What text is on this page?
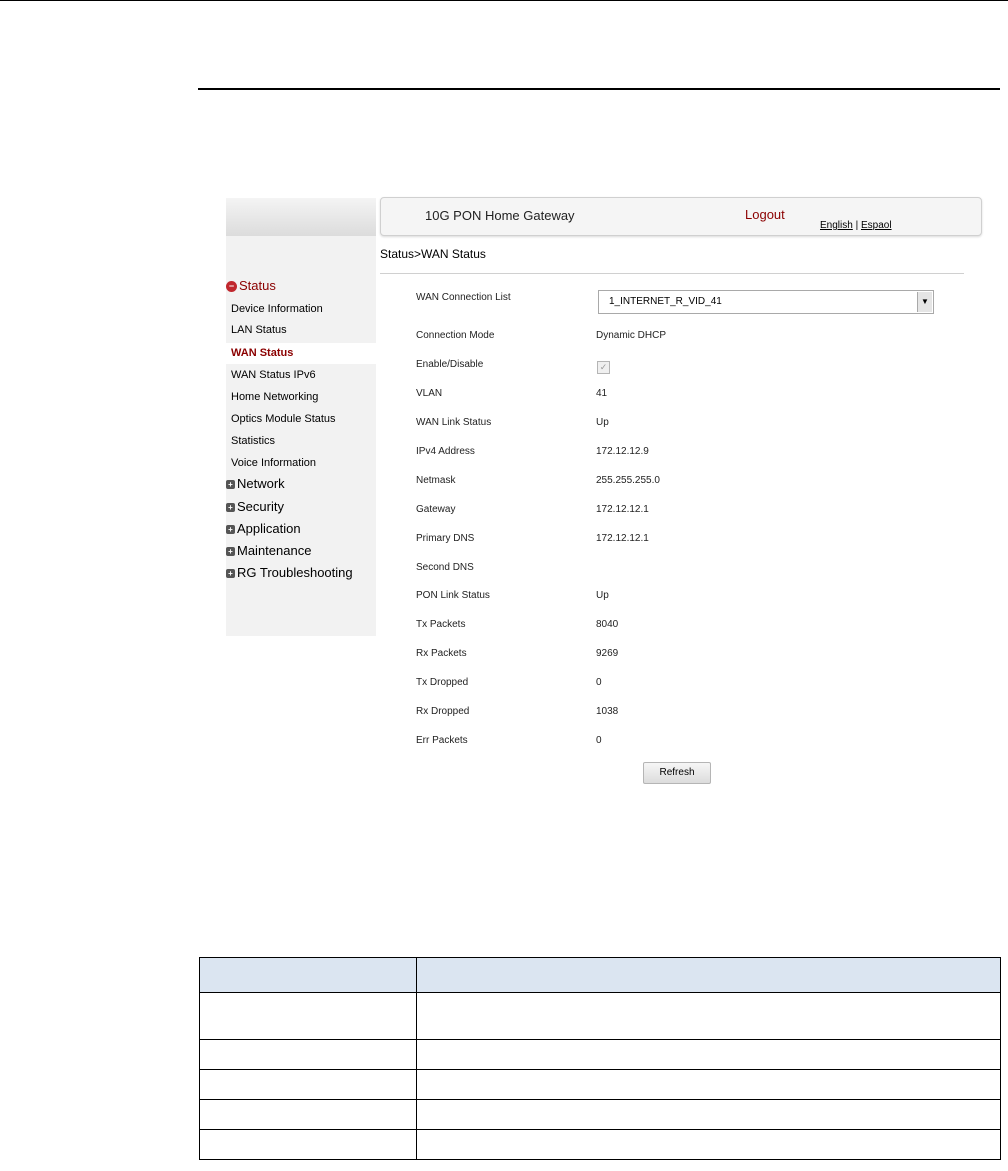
− Status
Device Information
LAN Status
WAN Status
WAN Status IPv6
Home Networking
Optics Module Status
Statistics
Voice Information
+ Network
+ Security
+ Application
+ Maintenance
+ RG Troubleshooting
10G PON Home Gateway	Logout
English | Espaol
Status>WAN Status
WAN Connection List	1_INTERNET_R_VID_41	▼
Connection Mode	Dynamic DHCP
Enable/Disable	✓
VLAN	41
WAN Link Status	Up
IPv4 Address	172.12.12.9
Netmask	255.255.255.0
Gateway	172.12.12.1
Primary DNS	172.12.12.1
Second DNS
PON Link Status	Up
Tx Packets	8040
Rx Packets	9269
Tx Dropped	0
Rx Dropped	1038
Err Packets	0
Refresh
